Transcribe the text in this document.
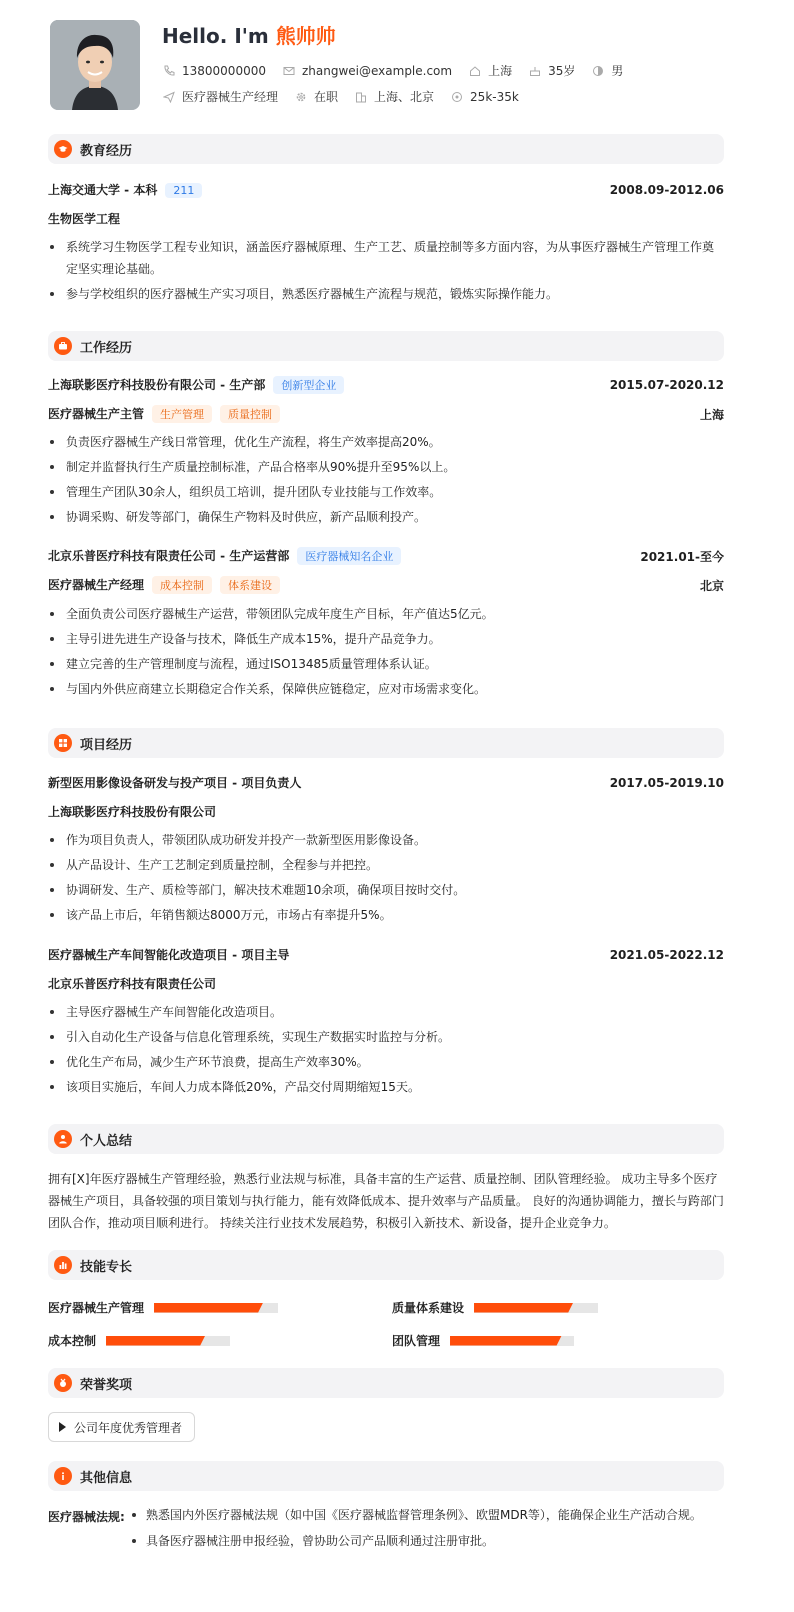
Hello. I'm 熊帅帅
13800000000	zhangwei@example.com	上海	35岁	男
医疗器械生产经理	在职	上海、北京	25k-35k
教育经历
上海交通大学 - 本科 211	2008.09-2012.06
生物医学工程
系统学习生物医学工程专业知识，涵盖医疗器械原理、生产工艺、质量控制等多方面内容，为从事医疗器械生产管理工作奠定坚实理论基础。
参与学校组织的医疗器械生产实习项目，熟悉医疗器械生产流程与规范，锻炼实际操作能力。
工作经历
上海联影医疗科技股份有限公司 - 生产部 创新型企业	2015.07-2020.12
医疗器械生产主管 生产管理 质量控制	上海
负责医疗器械生产线日常管理，优化生产流程，将生产效率提高20%。
制定并监督执行生产质量控制标准，产品合格率从90%提升至95%以上。
管理生产团队30余人，组织员工培训，提升团队专业技能与工作效率。
协调采购、研发等部门，确保生产物料及时供应，新产品顺利投产。
北京乐普医疗科技有限责任公司 - 生产运营部 医疗器械知名企业	2021.01-至今
医疗器械生产经理 成本控制 体系建设	北京
全面负责公司医疗器械生产运营，带领团队完成年度生产目标，年产值达5亿元。
主导引进先进生产设备与技术，降低生产成本15%，提升产品竞争力。
建立完善的生产管理制度与流程，通过ISO13485质量管理体系认证。
与国内外供应商建立长期稳定合作关系，保障供应链稳定，应对市场需求变化。
项目经历
新型医用影像设备研发与投产项目 - 项目负责人	2017.05-2019.10
上海联影医疗科技股份有限公司
作为项目负责人，带领团队成功研发并投产一款新型医用影像设备。
从产品设计、生产工艺制定到质量控制，全程参与并把控。
协调研发、生产、质检等部门，解决技术难题10余项，确保项目按时交付。
该产品上市后，年销售额达8000万元，市场占有率提升5%。
医疗器械生产车间智能化改造项目 - 项目主导	2021.05-2022.12
北京乐普医疗科技有限责任公司
主导医疗器械生产车间智能化改造项目。
引入自动化生产设备与信息化管理系统，实现生产数据实时监控与分析。
优化生产布局，减少生产环节浪费，提高生产效率30%。
该项目实施后，车间人力成本降低20%，产品交付周期缩短15天。
个人总结
拥有[X]年医疗器械生产管理经验，熟悉行业法规与标准，具备丰富的生产运营、质量控制、团队管理经验。 成功主导多个医疗器械生产项目，具备较强的项目策划与执行能力，能有效降低成本、提升效率与产品质量。 良好的沟通协调能力，擅长与跨部门团队合作，推动项目顺利进行。 持续关注行业技术发展趋势，积极引入新技术、新设备，提升企业竞争力。
技能专长
医疗器械生产管理	质量体系建设
成本控制	团队管理
荣誉奖项
公司年度优秀管理者
其他信息
医疗器械法规:	熟悉国内外医疗器械法规（如中国《医疗器械监督管理条例》、欧盟MDR等），能确保企业生产活动合规。
具备医疗器械注册申报经验，曾协助公司产品顺利通过注册审批。
